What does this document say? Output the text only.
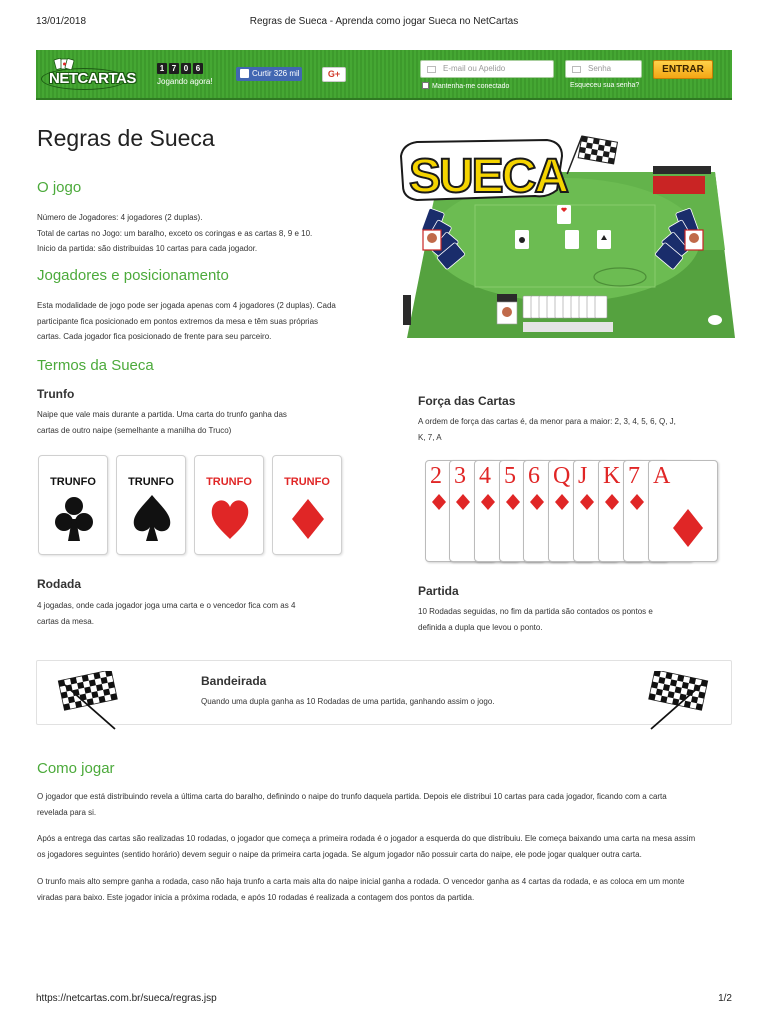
13/01/2018	Regras de Sueca - Aprenda como jogar Sueca no NetCartas
NETCARTAS
1 7 0 6
Jogando agora!
Curtir 326 mil	G+
E-mail ou Apelido	Senha	ENTRAR
Mantenha-me conectado	Esqueceu sua senha?
Regras de Sueca
O jogo
Número de Jogadores: 4 jogadores (2 duplas).
Total de cartas no Jogo: um baralho, exceto os coringas e as cartas 8, 9 e 10.
Inicio da partida: são distribuidas 10 cartas para cada jogador.
Jogadores e posicionamento
Esta modalidade de jogo pode ser jogada apenas com 4 jogadores (2 duplas). Cada
participante fica posicionado em pontos extremos da mesa e têm suas próprias
cartas. Cada jogador fica posicionado de frente para seu parceiro.
SUECA
Termos da Sueca
Trunfo
Naipe que vale mais durante a partida. Uma carta do trunfo ganha das
cartas de outro naipe (semelhante a manilha do Truco)
Força das Cartas
A ordem de força das cartas é, da menor para a maior: 2, 3, 4, 5, 6, Q, J,
K, 7, A
TRUNFO	TRUNFO	TRUNFO	TRUNFO	2 3 4 5 6 Q J K 7 A
Rodada
4 jogadas, onde cada jogador joga uma carta e o vencedor fica com as 4
cartas da mesa.
Partida
10 Rodadas seguidas, no fim da partida são contados os pontos e
definida a dupla que levou o ponto.
Bandeirada
Quando uma dupla ganha as 10 Rodadas de uma partida, ganhando assim o jogo.
Como jogar
O jogador que está distribuindo revela a última carta do baralho, definindo o naipe do trunfo daquela partida. Depois ele distribui 10 cartas para cada jogador, ficando com a carta
revelada para si.
Após a entrega das cartas são realizadas 10 rodadas, o jogador que começa a primeira rodada é o jogador a esquerda do que distribuiu. Ele começa baixando uma carta na mesa assim
os jogadores seguintes (sentido horário) devem seguir o naipe da primeira carta jogada. Se algum jogador não possuir carta do naipe, ele pode jogar qualquer outra carta.
O trunfo mais alto sempre ganha a rodada, caso não haja trunfo a carta mais alta do naipe inicial ganha a rodada. O vencedor ganha as 4 cartas da rodada, e as coloca em um monte
viradas para baixo. Este jogador inicia a próxima rodada, e após 10 rodadas é realizada a contagem dos pontos da partida.
https://netcartas.com.br/sueca/regras.jsp	1/2
